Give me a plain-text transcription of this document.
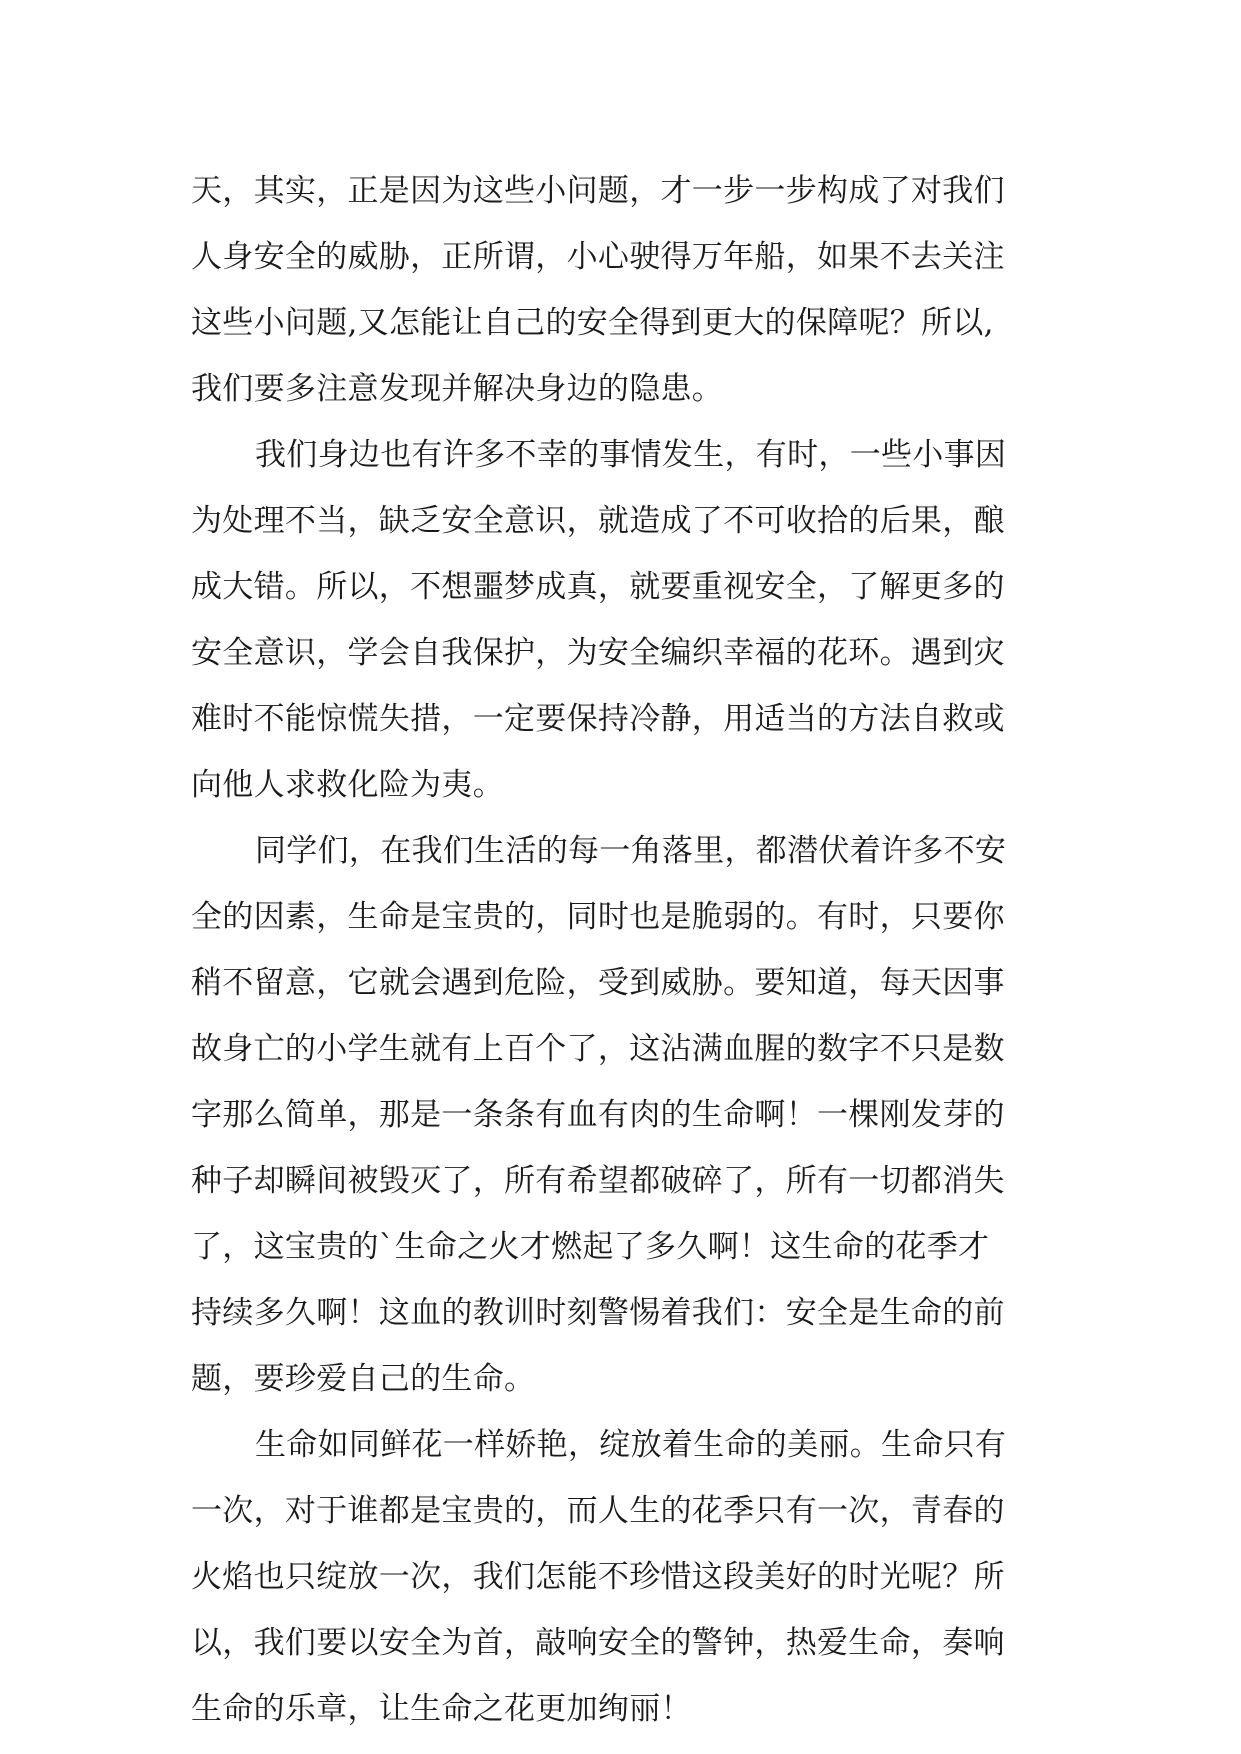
天，其实，正是因为这些小问题，才一步一步构成了对我们
人身安全的威胁，正所谓，小心驶得万年船，如果不去关注
这些小问题,又怎能让自己的安全得到更大的保障呢？所以,
我们要多注意发现并解决身边的隐患。
我们身边也有许多不幸的事情发生，有时，一些小事因
为处理不当，缺乏安全意识，就造成了不可收拾的后果，酿
成大错。所以，不想噩梦成真，就要重视安全，了解更多的
安全意识，学会自我保护，为安全编织幸福的花环。遇到灾
难时不能惊慌失措，一定要保持冷静，用适当的方法自救或
向他人求救化险为夷。
同学们，在我们生活的每一角落里，都潜伏着许多不安
全的因素，生命是宝贵的，同时也是脆弱的。有时，只要你
稍不留意，它就会遇到危险，受到威胁。要知道，每天因事
故身亡的小学生就有上百个了，这沾满血腥的数字不只是数
字那么简单，那是一条条有血有肉的生命啊！一棵刚发芽的
种子却瞬间被毁灭了，所有希望都破碎了，所有一切都消失
了，这宝贵的`生命之火才燃起了多久啊！这生命的花季才
持续多久啊！这血的教训时刻警惕着我们：安全是生命的前
题，要珍爱自己的生命。
生命如同鲜花一样娇艳，绽放着生命的美丽。生命只有
一次，对于谁都是宝贵的，而人生的花季只有一次，青春的
火焰也只绽放一次，我们怎能不珍惜这段美好的时光呢？所
以，我们要以安全为首，敲响安全的警钟，热爱生命，奏响
生命的乐章，让生命之花更加绚丽！
